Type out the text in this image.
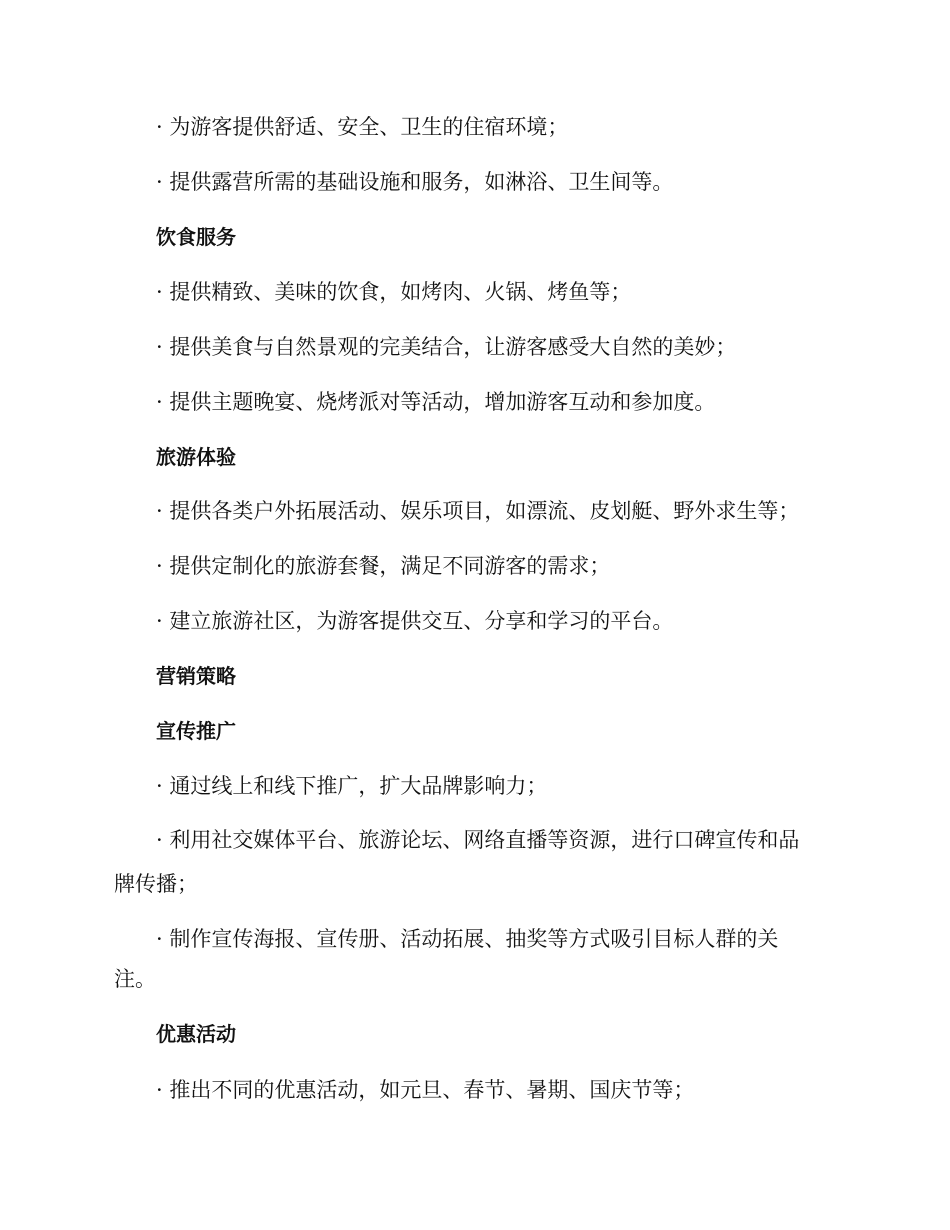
· 为游客提供舒适、安全、卫生的住宿环境；
· 提供露营所需的基础设施和服务，如淋浴、卫生间等。
饮食服务
· 提供精致、美味的饮食，如烤肉、火锅、烤鱼等；
· 提供美食与自然景观的完美结合，让游客感受大自然的美妙；
· 提供主题晚宴、烧烤派对等活动，增加游客互动和参加度。
旅游体验
· 提供各类户外拓展活动、娱乐项目，如漂流、皮划艇、野外求生等；
· 提供定制化的旅游套餐，满足不同游客的需求；
· 建立旅游社区，为游客提供交互、分享和学习的平台。
营销策略
宣传推广
· 通过线上和线下推广，扩大品牌影响力；
· 利用社交媒体平台、旅游论坛、网络直播等资源，进行口碑宣传和品
牌传播；
· 制作宣传海报、宣传册、活动拓展、抽奖等方式吸引目标人群的关
注。
优惠活动
· 推出不同的优惠活动，如元旦、春节、暑期、国庆节等；
